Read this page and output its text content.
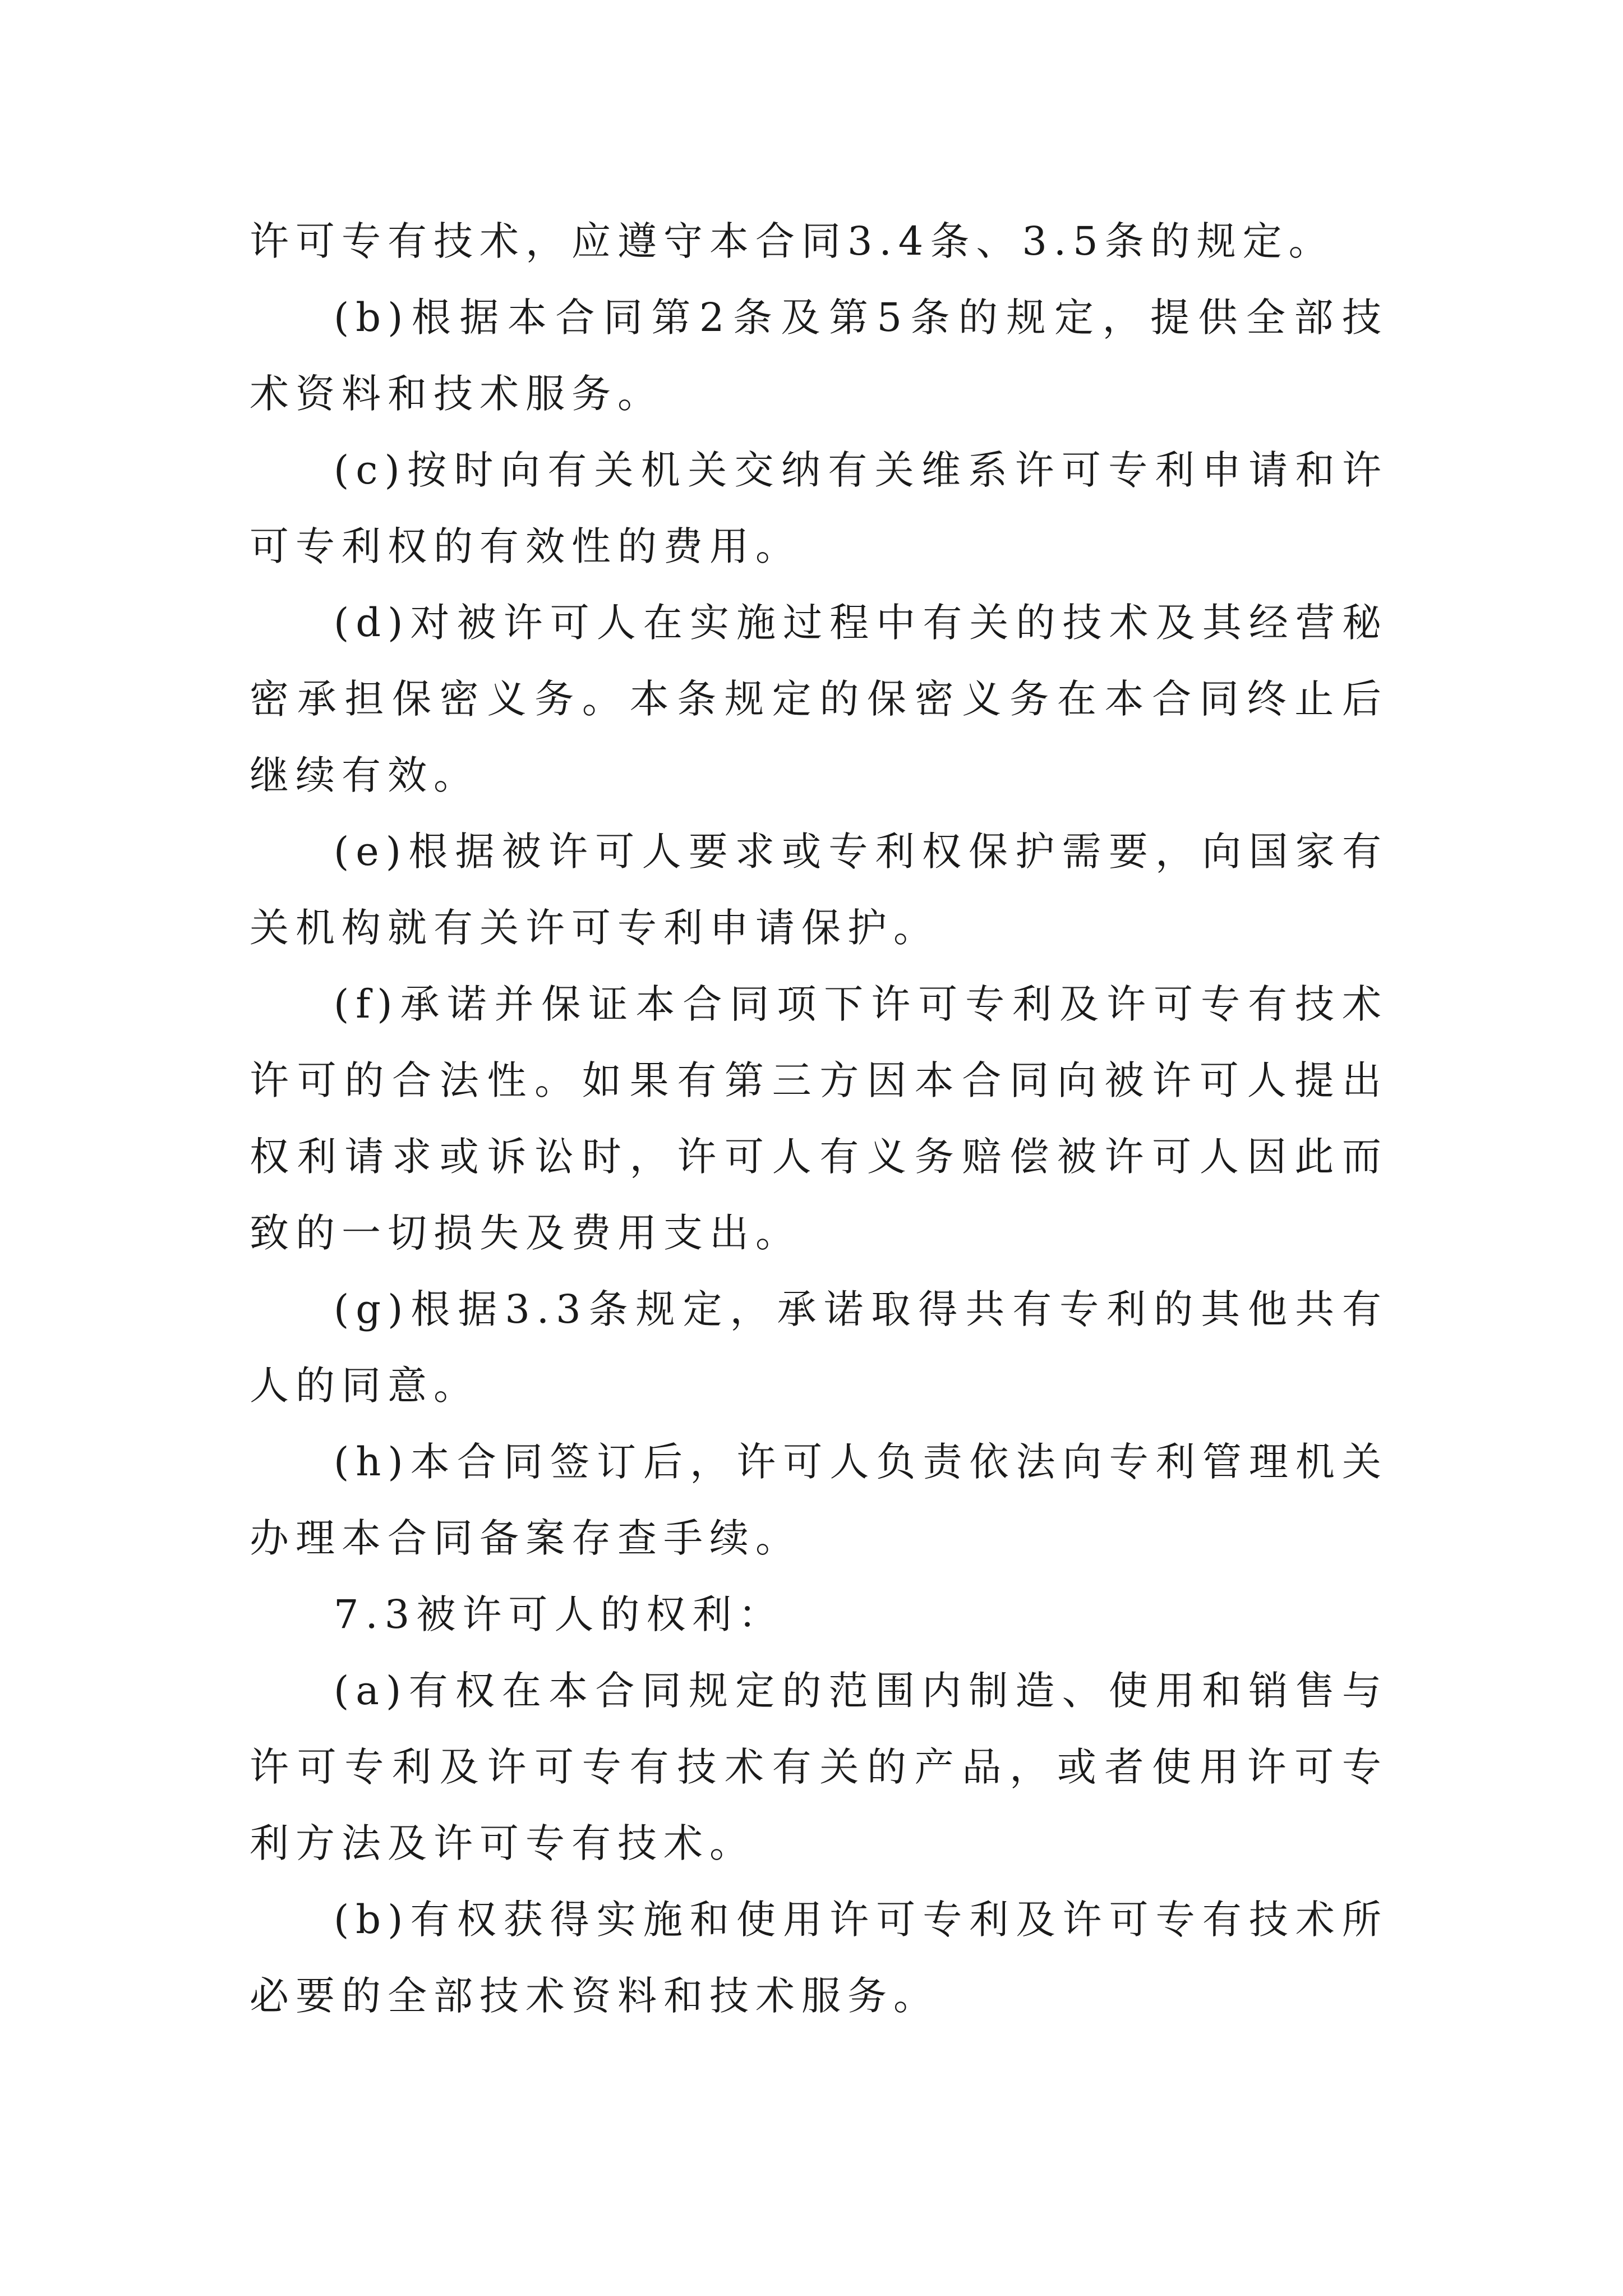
许可专有技术，应遵守本合同3.4条、3.5条的规定。

(b)根据本合同第2条及第5条的规定，提供全部技术资料和技术服务。

(c)按时向有关机关交纳有关维系许可专利申请和许可专利权的有效性的费用。

(d)对被许可人在实施过程中有关的技术及其经营秘密承担保密义务。本条规定的保密义务在本合同终止后继续有效。

(e)根据被许可人要求或专利权保护需要，向国家有关机构就有关许可专利申请保护。

(f)承诺并保证本合同项下许可专利及许可专有技术许可的合法性。如果有第三方因本合同向被许可人提出权利请求或诉讼时，许可人有义务赔偿被许可人因此而致的一切损失及费用支出。

(g)根据3.3条规定，承诺取得共有专利的其他共有人的同意。

(h)本合同签订后，许可人负责依法向专利管理机关办理本合同备案存查手续。

7.3被许可人的权利：

(a)有权在本合同规定的范围内制造、使用和销售与许可专利及许可专有技术有关的产品，或者使用许可专利方法及许可专有技术。

(b)有权获得实施和使用许可专利及许可专有技术所必要的全部技术资料和技术服务。
